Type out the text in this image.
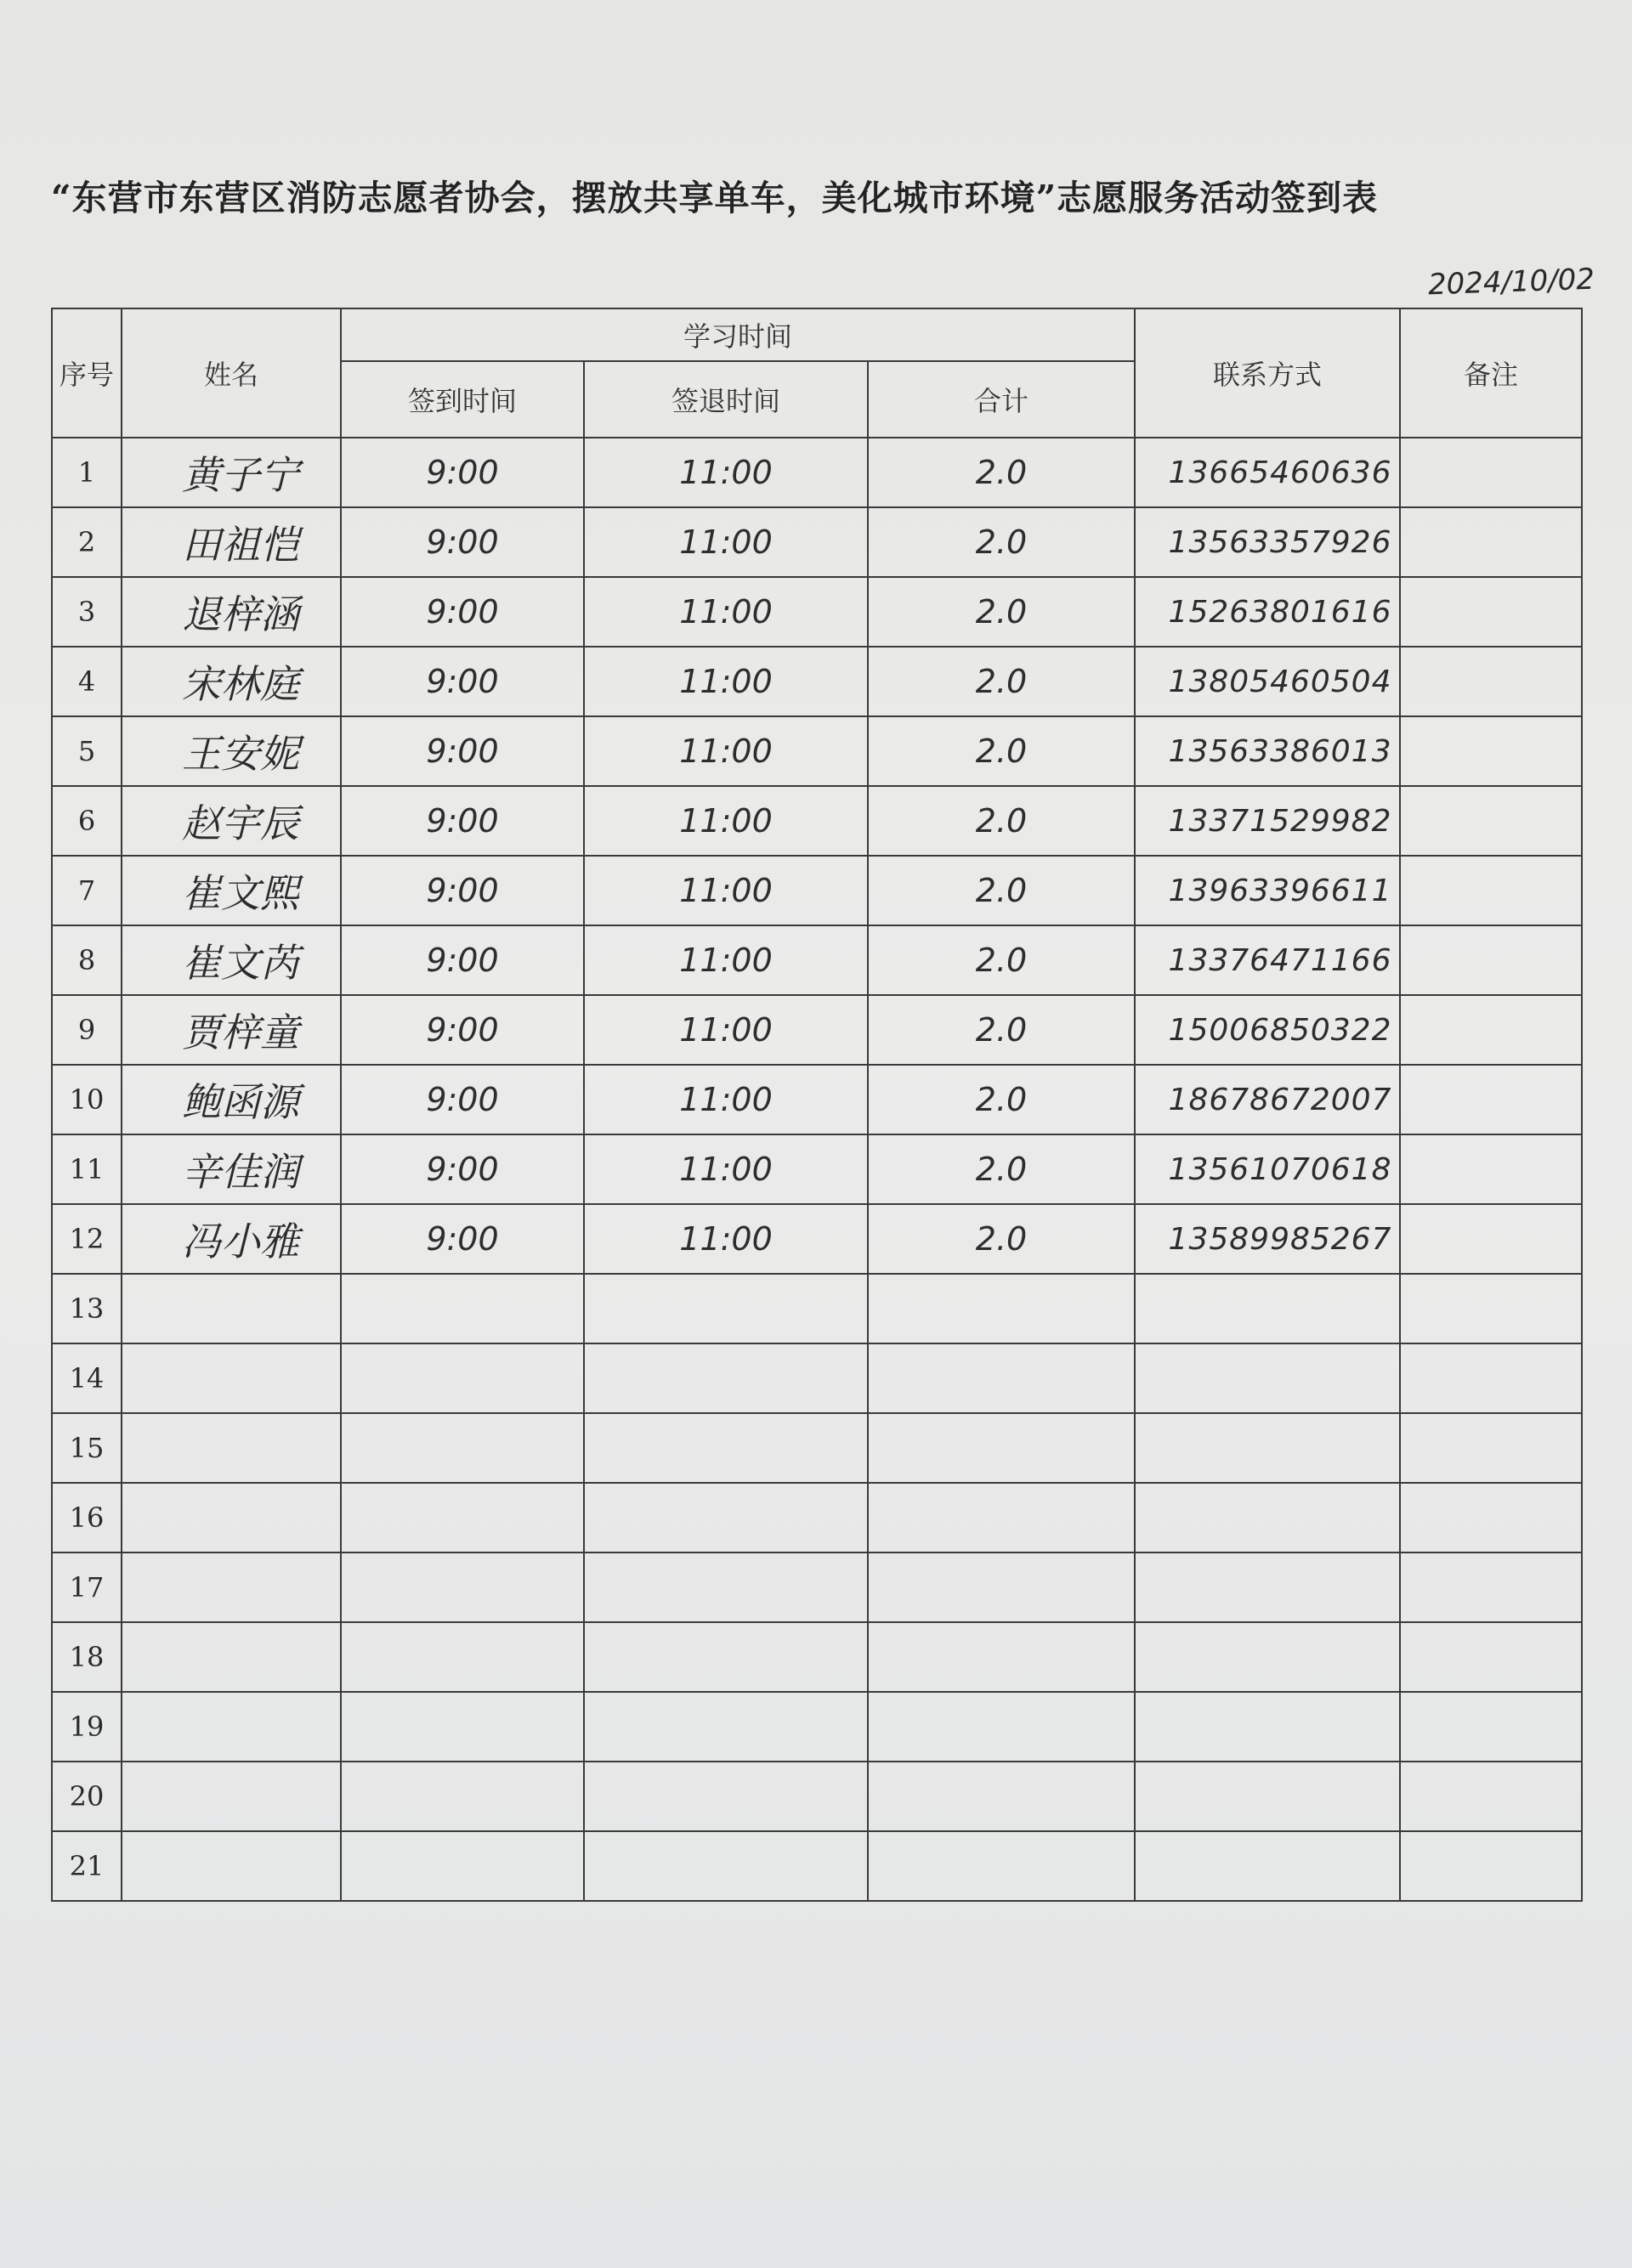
“东营市东营区消防志愿者协会，摆放共享单车，美化城市环境”志愿服务活动签到表
2024/10/02
序号	姓名	学习时间			联系方式	备注
		签到时间	签退时间	合计		
1	黄子宁	9:00	11:00	2.0	13665460636	
2	田祖恺	9:00	11:00	2.0	13563357926	
3	退梓涵	9:00	11:00	2.0	15263801616	
4	宋林庭	9:00	11:00	2.0	13805460504	
5	王安妮	9:00	11:00	2.0	13563386013	
6	赵宇辰	9:00	11:00	2.0	13371529982	
7	崔文熙	9:00	11:00	2.0	13963396611	
8	崔文芮	9:00	11:00	2.0	13376471166	
9	贾梓童	9:00	11:00	2.0	15006850322	
10	鲍函源	9:00	11:00	2.0	18678672007	
11	辛佳润	9:00	11:00	2.0	13561070618	
12	冯小雅	9:00	11:00	2.0	13589985267	
13						
14						
15						
16						
17						
18						
19						
20						
21						
